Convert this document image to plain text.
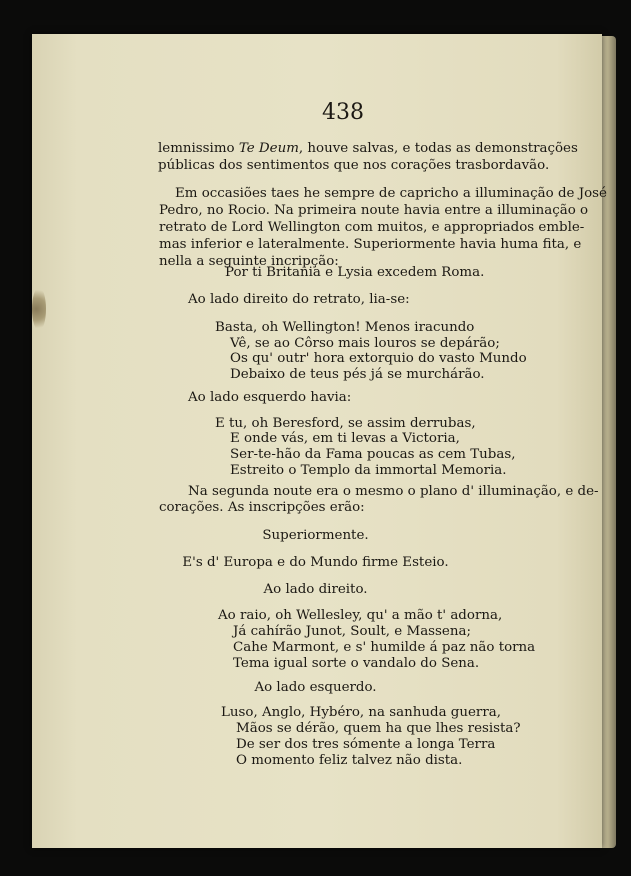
438
lemnissimo Te Deum, houve salvas, e todas as demonstrações
públicas dos sentimentos que nos corações trasbordavão.
Em occasiões taes he sempre de capricho a illuminação de José
Pedro, no Rocio. Na primeira noute havia entre a illuminação o
retrato de Lord Wellington com muitos, e appropriados emble-
mas inferior e lateralmente. Superiormente havia huma fita, e
nella a seguinte incripção:
Por ti Britania e Lysia excedem Roma.
Ao lado direito do retrato, lia-se:
Basta, oh Wellington! Menos iracundo
Vê, se ao Côrso mais louros se depárão;
Os qu' outr' hora extorquio do vasto Mundo
Debaixo de teus pés já se murchárão.
Ao lado esquerdo havia:
E tu, oh Beresford, se assim derrubas,
E onde vás, em ti levas a Victoria,
Ser-te-hão da Fama poucas as cem Tubas,
Estreito o Templo da immortal Memoria.
Na segunda noute era o mesmo o plano d' illuminação, e de-
corações. As inscripções erão:
Superiormente.
E's d' Europa e do Mundo firme Esteio.
Ao lado direito.
Ao raio, oh Wellesley, qu' a mão t' adorna,
Já cahírão Junot, Soult, e Massena;
Cahe Marmont, e s' humilde á paz não torna
Tema igual sorte o vandalo do Sena.
Ao lado esquerdo.
Luso, Anglo, Hybéro, na sanhuda guerra,
Mãos se dérão, quem ha que lhes resista?
De ser dos tres sómente a longa Terra
O momento feliz talvez não dista.
